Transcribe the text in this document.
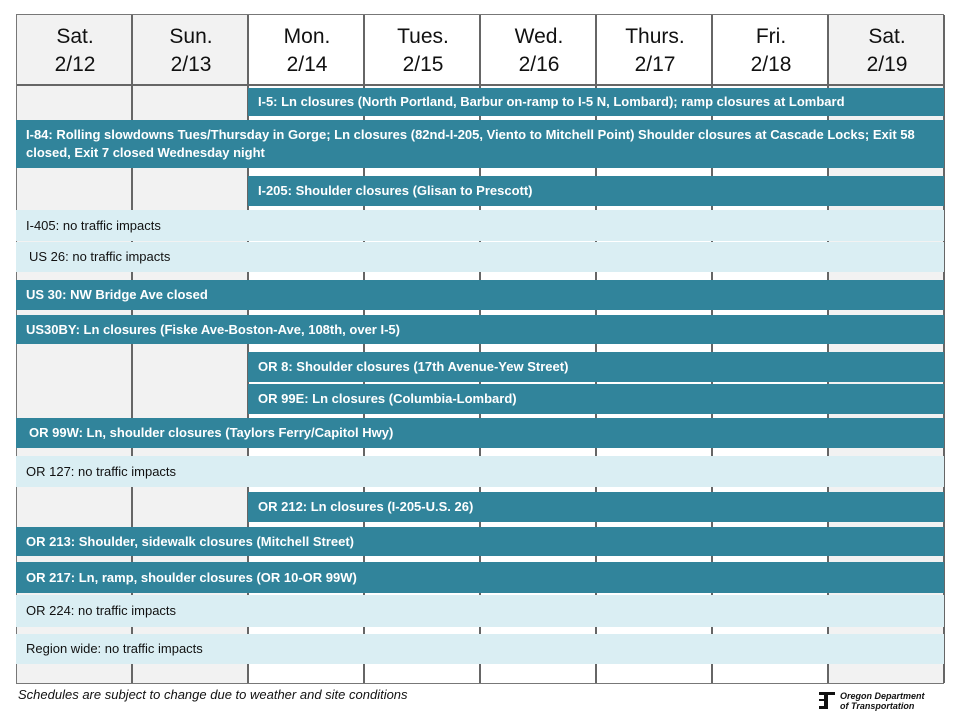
Sat.
2/12
Sun.
2/13
Mon.
2/14
Tues.
2/15
Wed.
2/16
Thurs.
2/17
Fri.
2/18
Sat.
2/19
I-5: Ln closures (North Portland, Barbur on-ramp to I-5 N, Lombard); ramp closures at Lombard
I-84: Rolling slowdowns Tues/Thursday in Gorge; Ln closures (82nd-I-205, Viento to Mitchell Point) Shoulder closures at Cascade Locks; Exit 58 closed, Exit 7 closed Wednesday night
I-205: Shoulder closures (Glisan to Prescott)
I-405: no traffic impacts
US 26: no traffic impacts
US 30: NW Bridge Ave closed
US30BY: Ln closures (Fiske Ave-Boston-Ave, 108th, over I-5)
OR 8: Shoulder closures (17th Avenue-Yew Street)
OR 99E: Ln closures (Columbia-Lombard)
OR 99W: Ln, shoulder closures (Taylors Ferry/Capitol Hwy)
OR 127: no traffic impacts
OR 212: Ln closures (I-205-U.S. 26)
OR 213: Shoulder, sidewalk closures (Mitchell Street)
OR 217: Ln, ramp, shoulder closures (OR 10-OR 99W)
OR 224: no traffic impacts
Region wide: no traffic impacts
Schedules are subject to change due to weather and site conditions	Oregon Department
of Transportation
